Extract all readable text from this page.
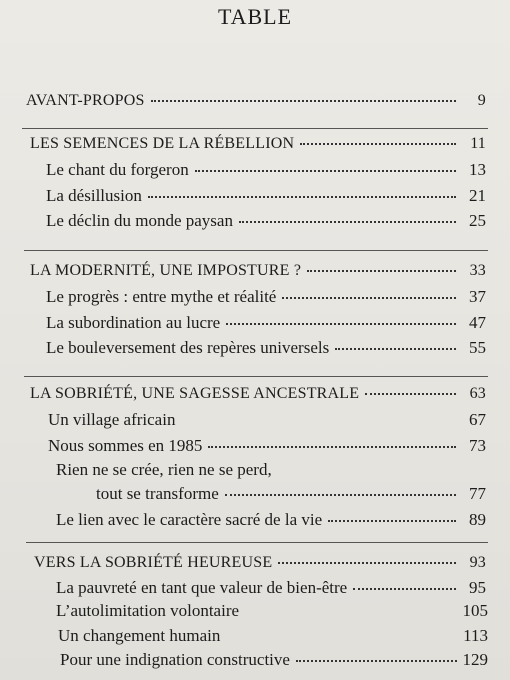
TABLE
AVANT-PROPOS	9
LES SEMENCES DE LA RÉBELLION	11
Le chant du forgeron	13
La désillusion	21
Le déclin du monde paysan	25
LA MODERNITÉ, UNE IMPOSTURE ?	33
Le progrès : entre mythe et réalité	37
La subordination au lucre	47
Le bouleversement des repères universels	55
LA SOBRIÉTÉ, UNE SAGESSE ANCESTRALE	63
Un village africain	67
Nous sommes en 1985	73
Rien ne se crée, rien ne se perd,
tout se transforme	77
Le lien avec le caractère sacré de la vie	89
VERS LA SOBRIÉTÉ HEUREUSE	93
La pauvreté en tant que valeur de bien-être	95
L’autolimitation volontaire	105
Un changement humain	113
Pour une indignation constructive	129
